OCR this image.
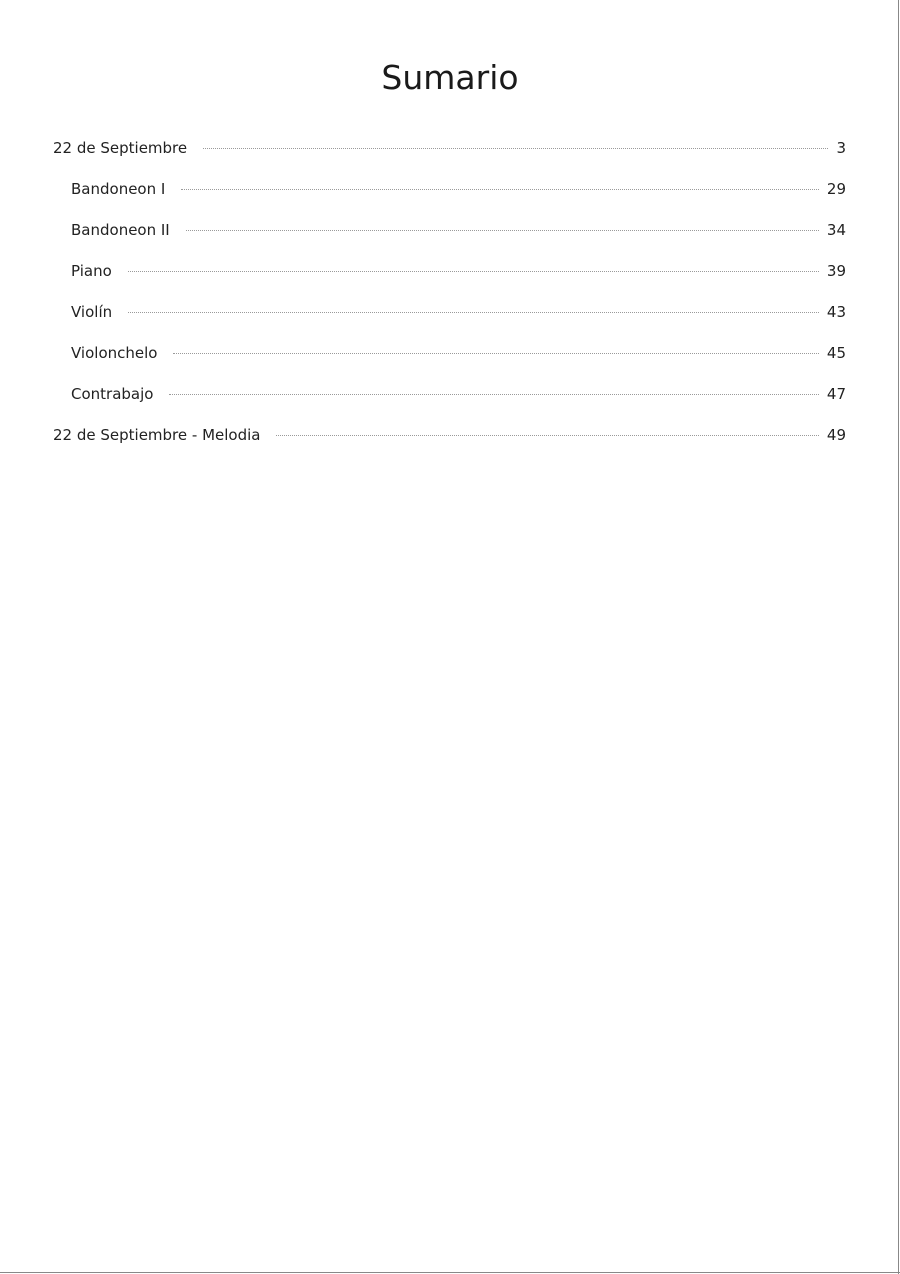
Sumario
22 de Septiembre	3
Bandoneon I	29
Bandoneon II	34
Piano	39
Violín	43
Violonchelo	45
Contrabajo	47
22 de Septiembre - Melodia	49
